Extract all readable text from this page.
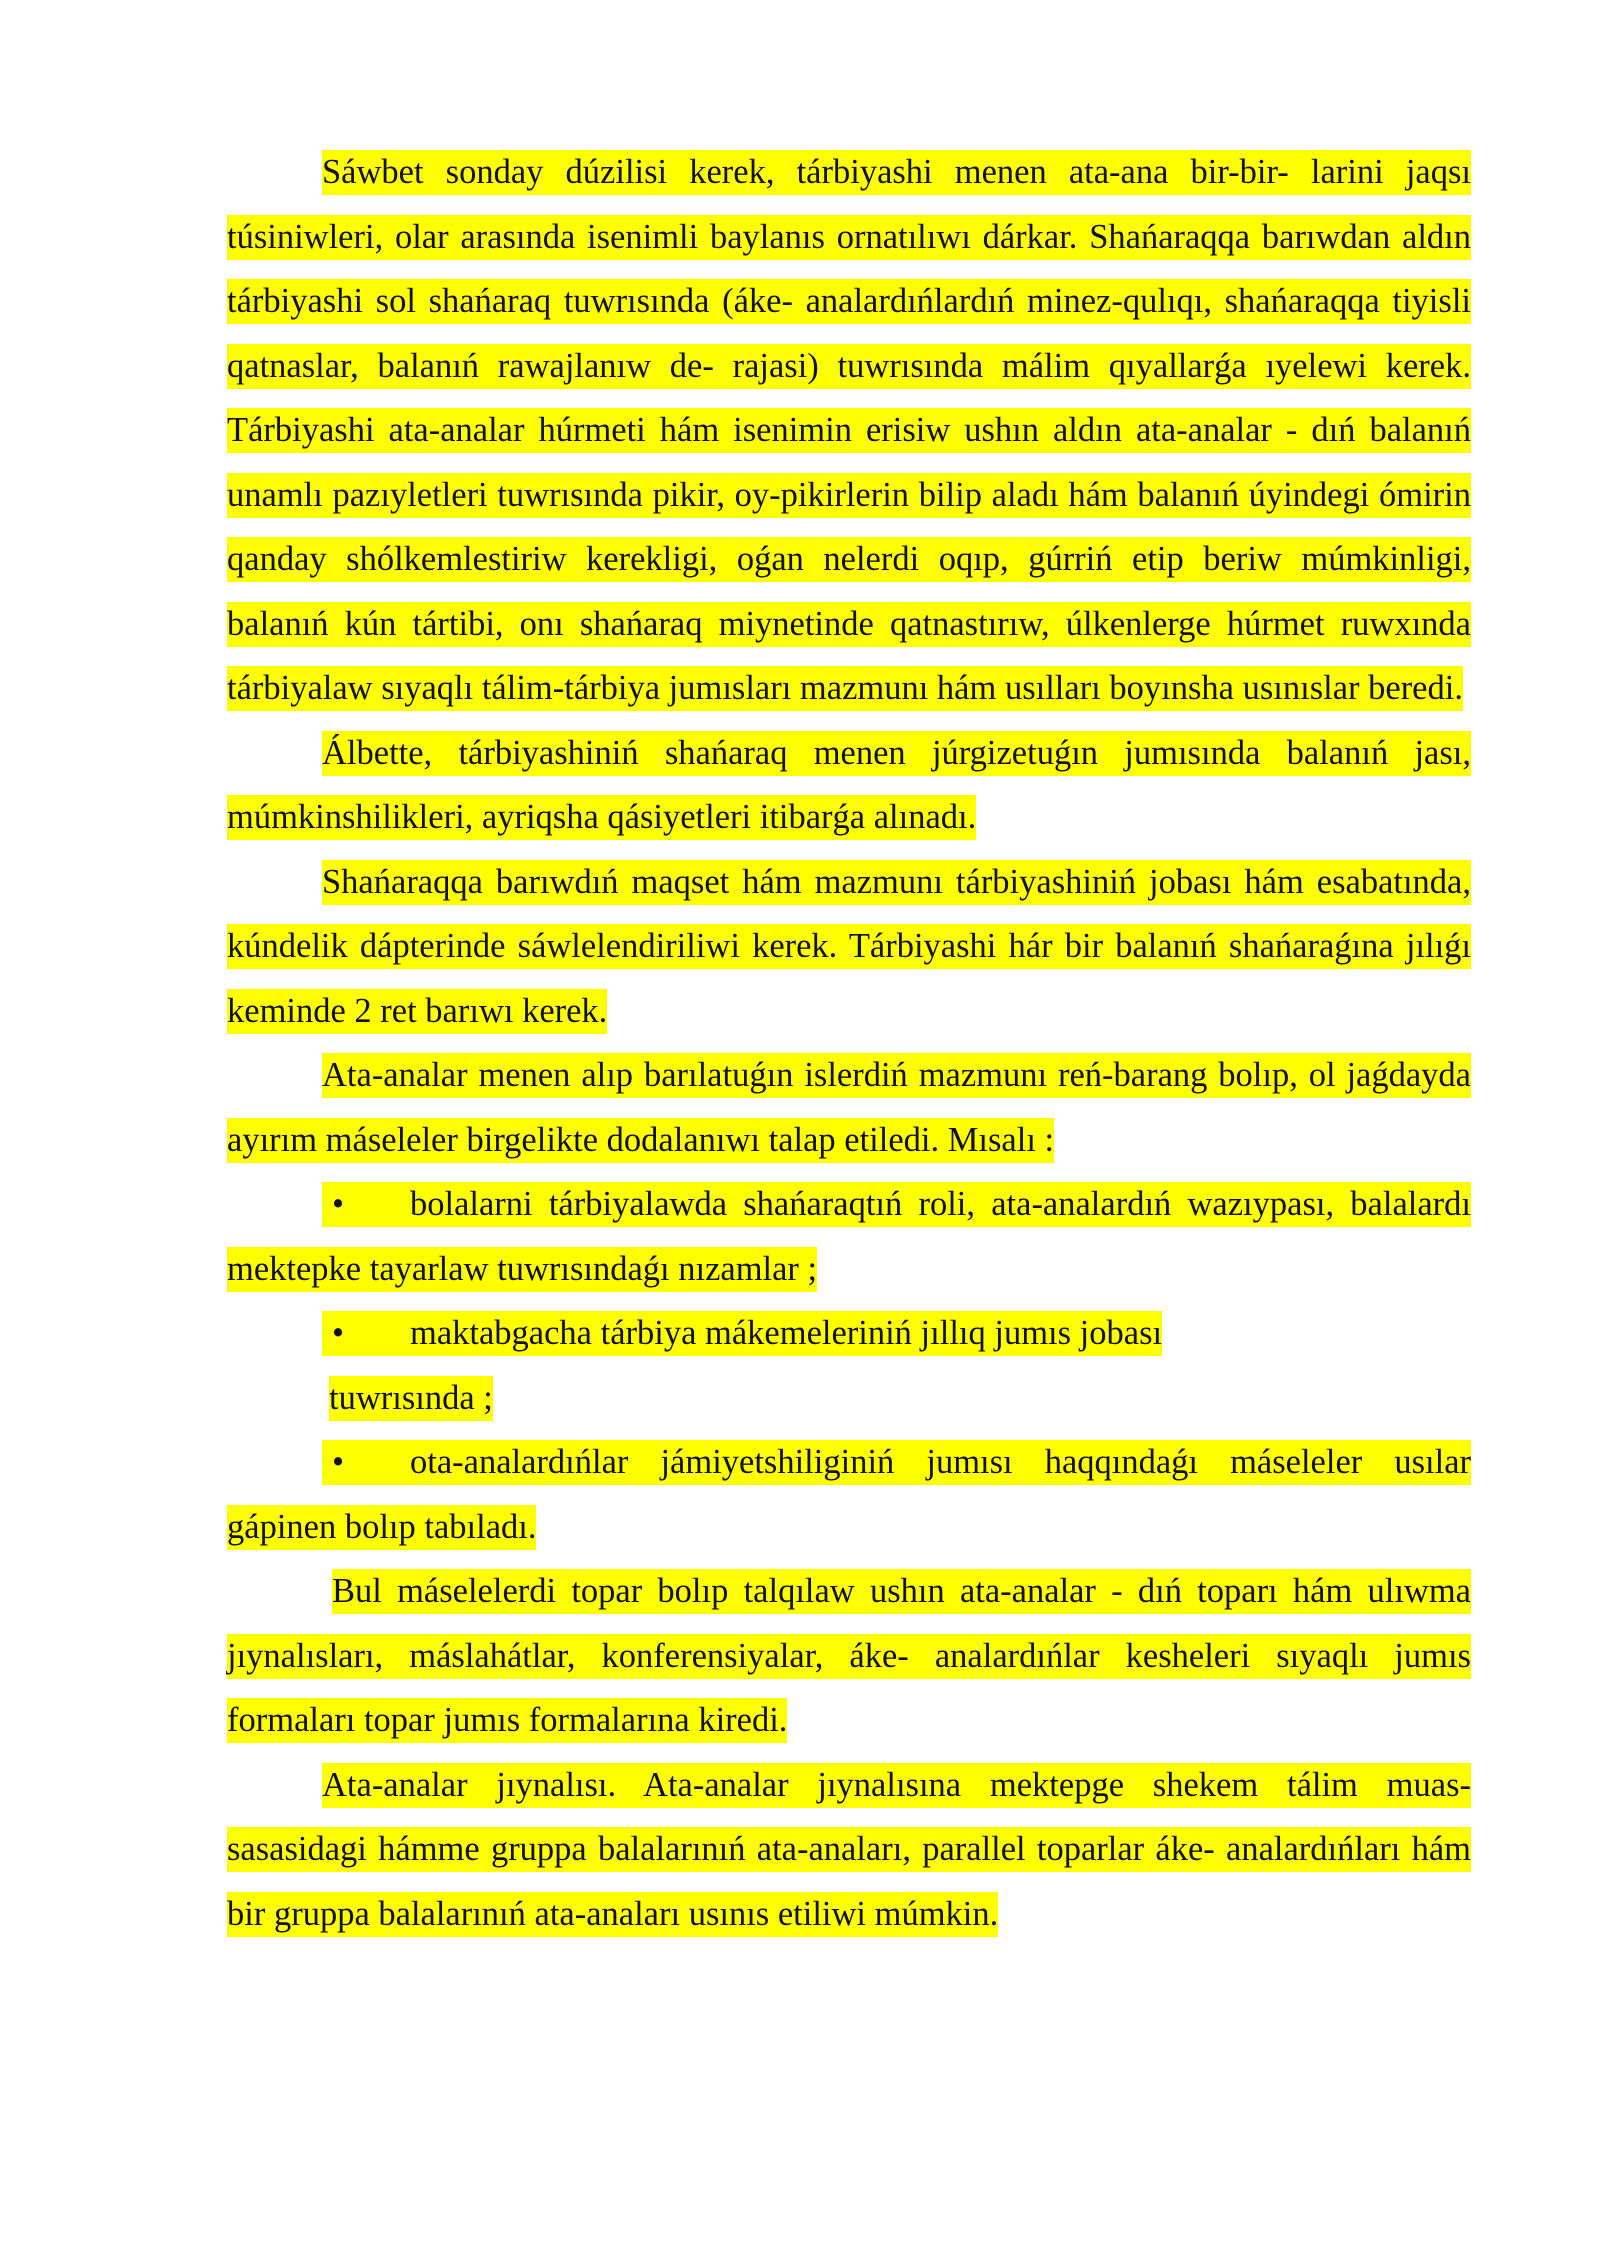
Sáwbet sonday dúzilisi kerek, tárbiyashi menen ata-ana bir-bir- larini jaqsı túsiniwleri, olar arasında isenimli baylanıs ornatılıwı dárkar. Shańaraqqa barıwdan aldın tárbiyashi sol shańaraq tuwrısında (áke- analardıńlardıń minez-qulıqı, shańaraqqa tiyisli qatnaslar, balanıń rawajlanıw de- rajasi) tuwrısında málim qıyallarǵa ıyelewi kerek. Tárbiyashi ata-analar húrmeti hám isenimin erisiw ushın aldın ata-analar - dıń balanıń unamlı pazıyletleri tuwrısında pikir, oy-pikirlerin bilip aladı hám balanıń úyindegi ómirin qanday shólkemlestiriw kerekligi, oǵan nelerdi oqıp, gúrriń etip beriw múmkinligi, balanıń kún tártibi, onı shańaraq miynetinde qatnastırıw, úlkenlerge húrmet ruwxında tárbiyalaw sıyaqlı tálim-tárbiya jumısları mazmunı hám usılları boyınsha usınıslar beredi.

Álbette, tárbiyashiniń shańaraq menen júrgizetuǵın jumısında balanıń jası, múmkinshilikleri, ayriqsha qásiyetleri itibarǵa alınadı.

Shańaraqqa barıwdıń maqset hám mazmunı tárbiyashiniń jobası hám esabatında, kúndelik dápterinde sáwlelendiriliwi kerek. Tárbiyashi hár bir balanıń shańaraǵına jılıǵı keminde 2 ret barıwı kerek.

Ata-analar menen alıp barılatuǵın islerdiń mazmunı reń-barang bolıp, ol jaǵdayda ayırım máseleler birgelikte dodalanıwı talap etiledi. Mısalı :

• bolalarni tárbiyalawda shańaraqtıń roli, ata-analardıń wazıypası, balalardı mektepke tayarlaw tuwrısındaǵı nızamlar ;

• maktabgacha tárbiya mákemeleriniń jıllıq jumıs jobası

tuwrısında ;

• ota-analardıńlar jámiyetshiliginiń jumısı haqqındaǵı máseleler usılar gápinen bolıp tabıladı.

Bul máselelerdi topar bolıp talqılaw ushın ata-analar - dıń toparı hám ulıwma jıynalısları, máslahátlar, konferensiyalar, áke- analardıńlar kesheleri sıyaqlı jumıs formaları topar jumıs formalarına kiredi.

Ata-analar jıynalısı. Ata-analar jıynalısına mektepge shekem tálim muas- sasasidagi hámme gruppa balalarınıń ata-anaları, parallel toparlar áke- analardıńları hám bir gruppa balalarınıń ata-anaları usınıs etiliwi múmkin.
